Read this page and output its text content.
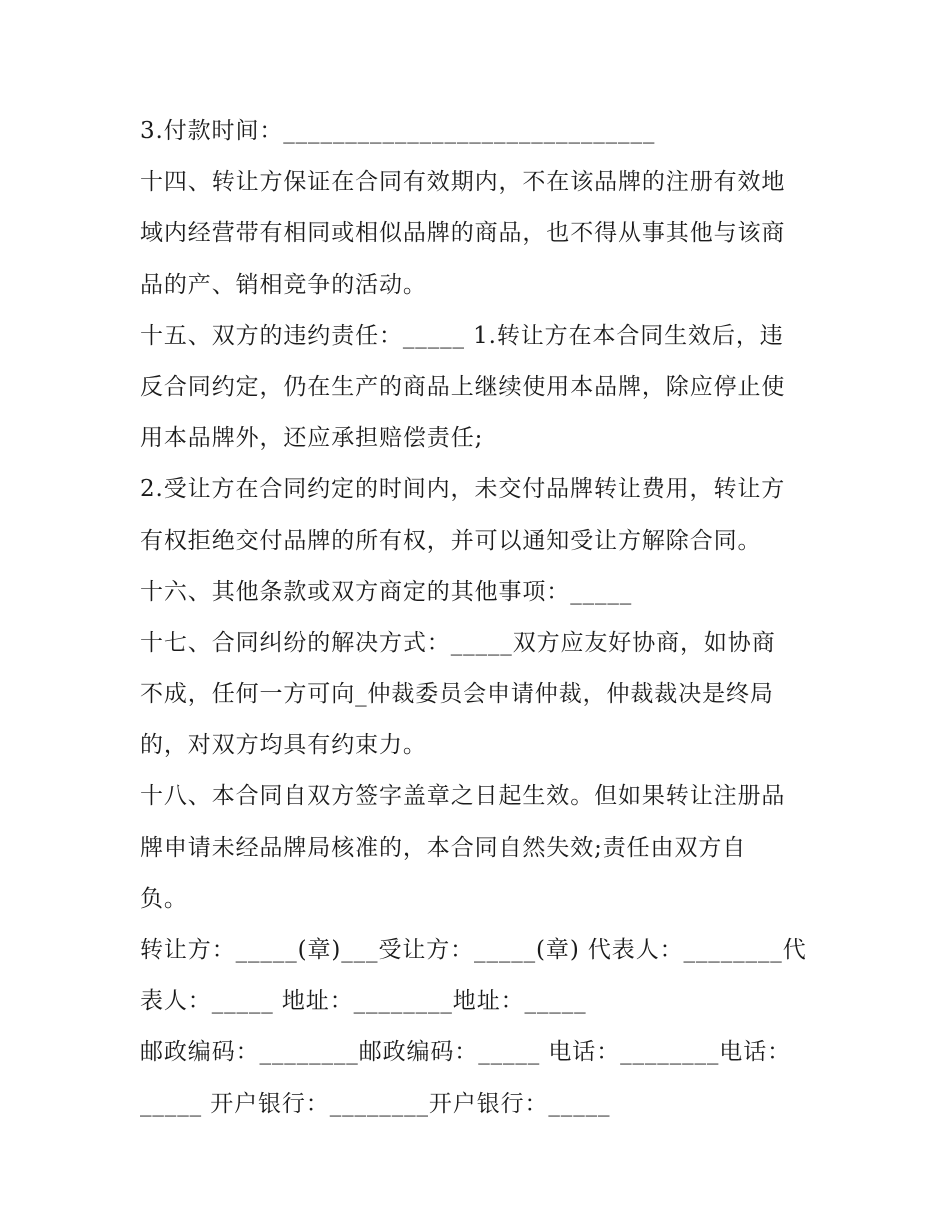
3.付款时间：______________________________
十四、转让方保证在合同有效期内，不在该品牌的注册有效地
域内经营带有相同或相似品牌的商品，也不得从事其他与该商
品的产、销相竞争的活动。
十五、双方的违约责任：_____ 1.转让方在本合同生效后，违
反合同约定，仍在生产的商品上继续使用本品牌，除应停止使
用本品牌外，还应承担赔偿责任;
2.受让方在合同约定的时间内，未交付品牌转让费用，转让方
有权拒绝交付品牌的所有权，并可以通知受让方解除合同。
十六、其他条款或双方商定的其他事项：_____
十七、合同纠纷的解决方式：_____双方应友好协商，如协商
不成，任何一方可向_仲裁委员会申请仲裁，仲裁裁决是终局
的，对双方均具有约束力。
十八、本合同自双方签字盖章之日起生效。但如果转让注册品
牌申请未经品牌局核准的，本合同自然失效;责任由双方自
负。
转让方：_____(章)___受让方：_____(章) 代表人：________代
表人：_____ 地址：________地址：_____
邮政编码：________邮政编码：_____ 电话：________电话：
_____ 开户银行：________开户银行：_____
